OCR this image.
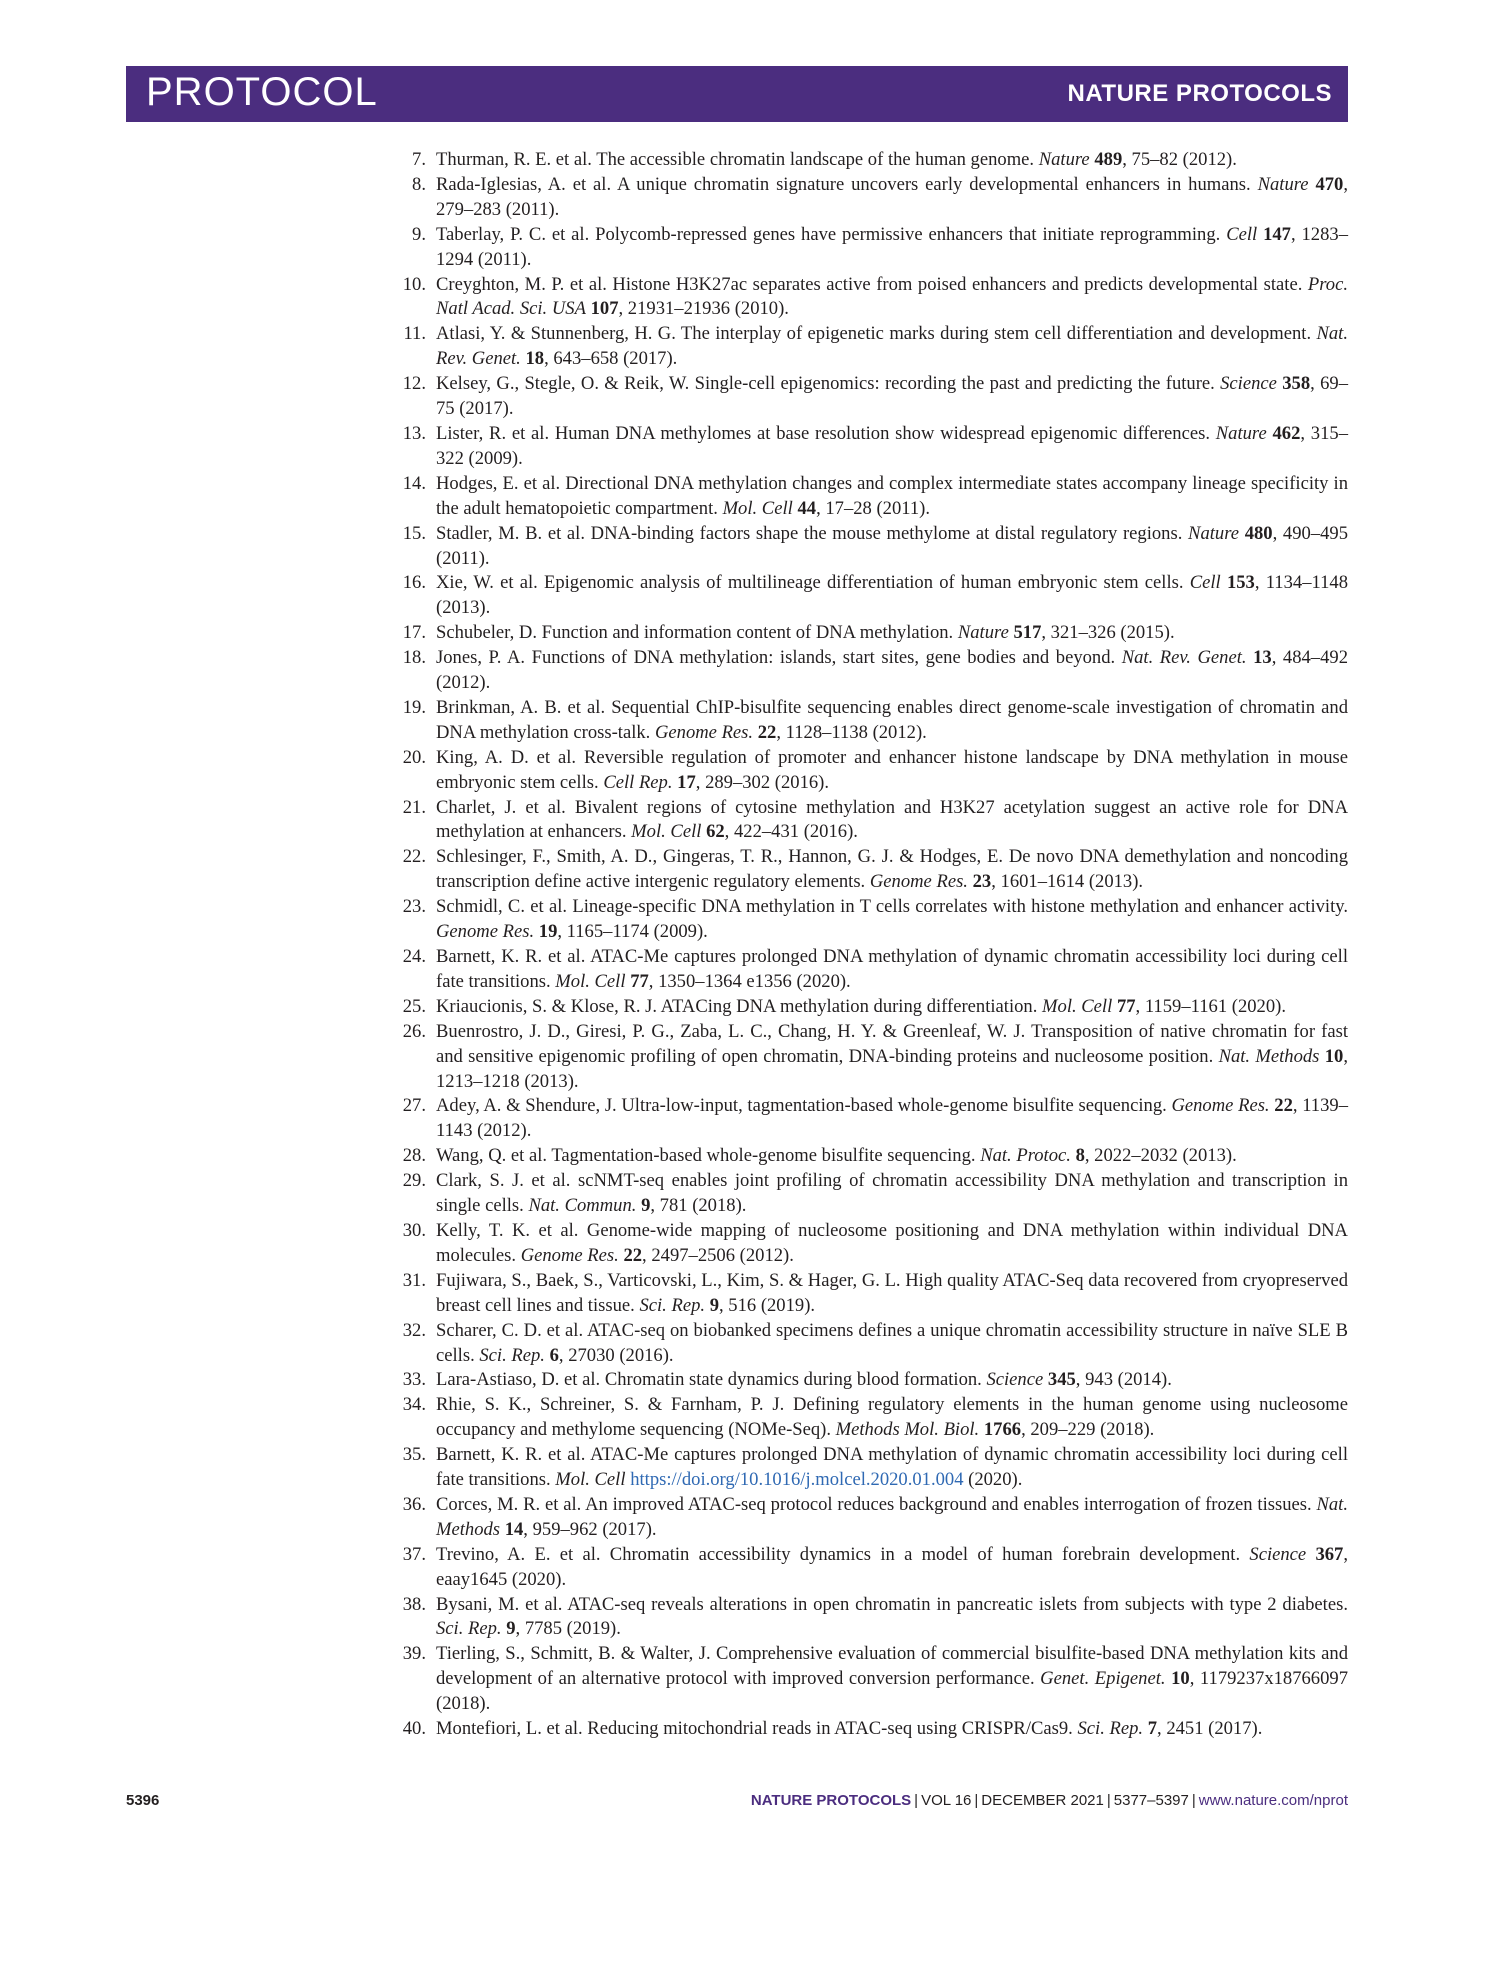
PROTOCOL	NATURE PROTOCOLS
7. Thurman, R. E. et al. The accessible chromatin landscape of the human genome. Nature 489, 75–82 (2012).
8. Rada-Iglesias, A. et al. A unique chromatin signature uncovers early developmental enhancers in humans. Nature 470, 279–283 (2011).
9. Taberlay, P. C. et al. Polycomb-repressed genes have permissive enhancers that initiate reprogramming. Cell 147, 1283–1294 (2011).
10. Creyghton, M. P. et al. Histone H3K27ac separates active from poised enhancers and predicts developmental state. Proc. Natl Acad. Sci. USA 107, 21931–21936 (2010).
11. Atlasi, Y. & Stunnenberg, H. G. The interplay of epigenetic marks during stem cell differentiation and development. Nat. Rev. Genet. 18, 643–658 (2017).
12. Kelsey, G., Stegle, O. & Reik, W. Single-cell epigenomics: recording the past and predicting the future. Science 358, 69–75 (2017).
13. Lister, R. et al. Human DNA methylomes at base resolution show widespread epigenomic differences. Nature 462, 315–322 (2009).
14. Hodges, E. et al. Directional DNA methylation changes and complex intermediate states accompany lineage specificity in the adult hematopoietic compartment. Mol. Cell 44, 17–28 (2011).
15. Stadler, M. B. et al. DNA-binding factors shape the mouse methylome at distal regulatory regions. Nature 480, 490–495 (2011).
16. Xie, W. et al. Epigenomic analysis of multilineage differentiation of human embryonic stem cells. Cell 153, 1134–1148 (2013).
17. Schubeler, D. Function and information content of DNA methylation. Nature 517, 321–326 (2015).
18. Jones, P. A. Functions of DNA methylation: islands, start sites, gene bodies and beyond. Nat. Rev. Genet. 13, 484–492 (2012).
19. Brinkman, A. B. et al. Sequential ChIP-bisulfite sequencing enables direct genome-scale investigation of chromatin and DNA methylation cross-talk. Genome Res. 22, 1128–1138 (2012).
20. King, A. D. et al. Reversible regulation of promoter and enhancer histone landscape by DNA methylation in mouse embryonic stem cells. Cell Rep. 17, 289–302 (2016).
21. Charlet, J. et al. Bivalent regions of cytosine methylation and H3K27 acetylation suggest an active role for DNA methylation at enhancers. Mol. Cell 62, 422–431 (2016).
22. Schlesinger, F., Smith, A. D., Gingeras, T. R., Hannon, G. J. & Hodges, E. De novo DNA demethylation and noncoding transcription define active intergenic regulatory elements. Genome Res. 23, 1601–1614 (2013).
23. Schmidl, C. et al. Lineage-specific DNA methylation in T cells correlates with histone methylation and enhancer activity. Genome Res. 19, 1165–1174 (2009).
24. Barnett, K. R. et al. ATAC-Me captures prolonged DNA methylation of dynamic chromatin accessibility loci during cell fate transitions. Mol. Cell 77, 1350–1364 e1356 (2020).
25. Kriaucionis, S. & Klose, R. J. ATACing DNA methylation during differentiation. Mol. Cell 77, 1159–1161 (2020).
26. Buenrostro, J. D., Giresi, P. G., Zaba, L. C., Chang, H. Y. & Greenleaf, W. J. Transposition of native chromatin for fast and sensitive epigenomic profiling of open chromatin, DNA-binding proteins and nucleosome position. Nat. Methods 10, 1213–1218 (2013).
27. Adey, A. & Shendure, J. Ultra-low-input, tagmentation-based whole-genome bisulfite sequencing. Genome Res. 22, 1139–1143 (2012).
28. Wang, Q. et al. Tagmentation-based whole-genome bisulfite sequencing. Nat. Protoc. 8, 2022–2032 (2013).
29. Clark, S. J. et al. scNMT-seq enables joint profiling of chromatin accessibility DNA methylation and transcription in single cells. Nat. Commun. 9, 781 (2018).
30. Kelly, T. K. et al. Genome-wide mapping of nucleosome positioning and DNA methylation within individual DNA molecules. Genome Res. 22, 2497–2506 (2012).
31. Fujiwara, S., Baek, S., Varticovski, L., Kim, S. & Hager, G. L. High quality ATAC-Seq data recovered from cryopreserved breast cell lines and tissue. Sci. Rep. 9, 516 (2019).
32. Scharer, C. D. et al. ATAC-seq on biobanked specimens defines a unique chromatin accessibility structure in naïve SLE B cells. Sci. Rep. 6, 27030 (2016).
33. Lara-Astiaso, D. et al. Chromatin state dynamics during blood formation. Science 345, 943 (2014).
34. Rhie, S. K., Schreiner, S. & Farnham, P. J. Defining regulatory elements in the human genome using nucleosome occupancy and methylome sequencing (NOMe-Seq). Methods Mol. Biol. 1766, 209–229 (2018).
35. Barnett, K. R. et al. ATAC-Me captures prolonged DNA methylation of dynamic chromatin accessibility loci during cell fate transitions. Mol. Cell https://doi.org/10.1016/j.molcel.2020.01.004 (2020).
36. Corces, M. R. et al. An improved ATAC-seq protocol reduces background and enables interrogation of frozen tissues. Nat. Methods 14, 959–962 (2017).
37. Trevino, A. E. et al. Chromatin accessibility dynamics in a model of human forebrain development. Science 367, eaay1645 (2020).
38. Bysani, M. et al. ATAC-seq reveals alterations in open chromatin in pancreatic islets from subjects with type 2 diabetes. Sci. Rep. 9, 7785 (2019).
39. Tierling, S., Schmitt, B. & Walter, J. Comprehensive evaluation of commercial bisulfite-based DNA methylation kits and development of an alternative protocol with improved conversion performance. Genet. Epigenet. 10, 1179237x18766097 (2018).
40. Montefiori, L. et al. Reducing mitochondrial reads in ATAC-seq using CRISPR/Cas9. Sci. Rep. 7, 2451 (2017).
5396	NATURE PROTOCOLS | VOL 16 | DECEMBER 2021 | 5377–5397 | www.nature.com/nprot
